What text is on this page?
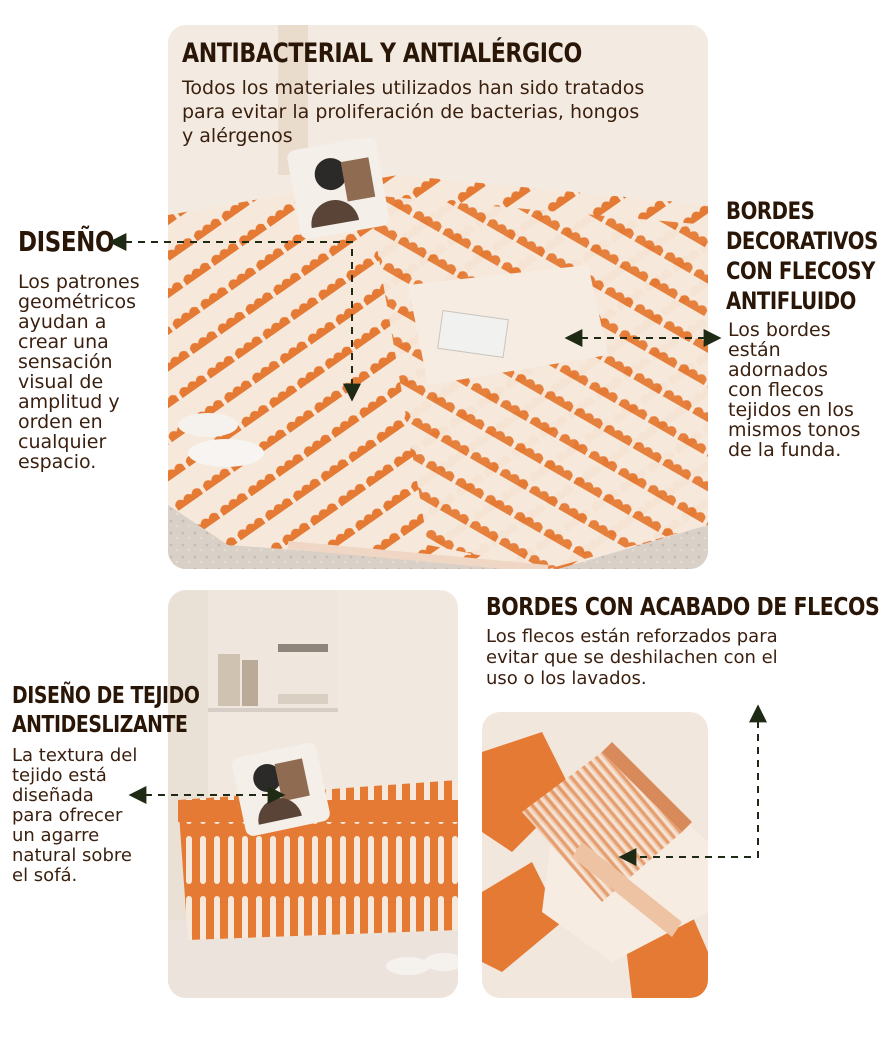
ANTIBACTERIAL Y ANTIALÉRGICO
Todos los materiales utilizados han sido tratados
para evitar la proliferación de bacterias, hongos
y alérgenos
DISEÑO
Los patrones
geométricos
ayudan a
crear una
sensación
visual de
amplitud y
orden en
cualquier
espacio.
BORDES
DECORATIVOS
CON FLECOSY
ANTIFLUIDO
Los bordes
están
adornados
con flecos
tejidos en los
mismos tonos
de la funda.
DISEÑO DE TEJIDO
ANTIDESLIZANTE
La textura del
tejido está
diseñada
para ofrecer
un agarre
natural sobre
el sofá.
BORDES CON ACABADO DE FLECOS
Los flecos están reforzados para
evitar que se deshilachen con el
uso o los lavados.
